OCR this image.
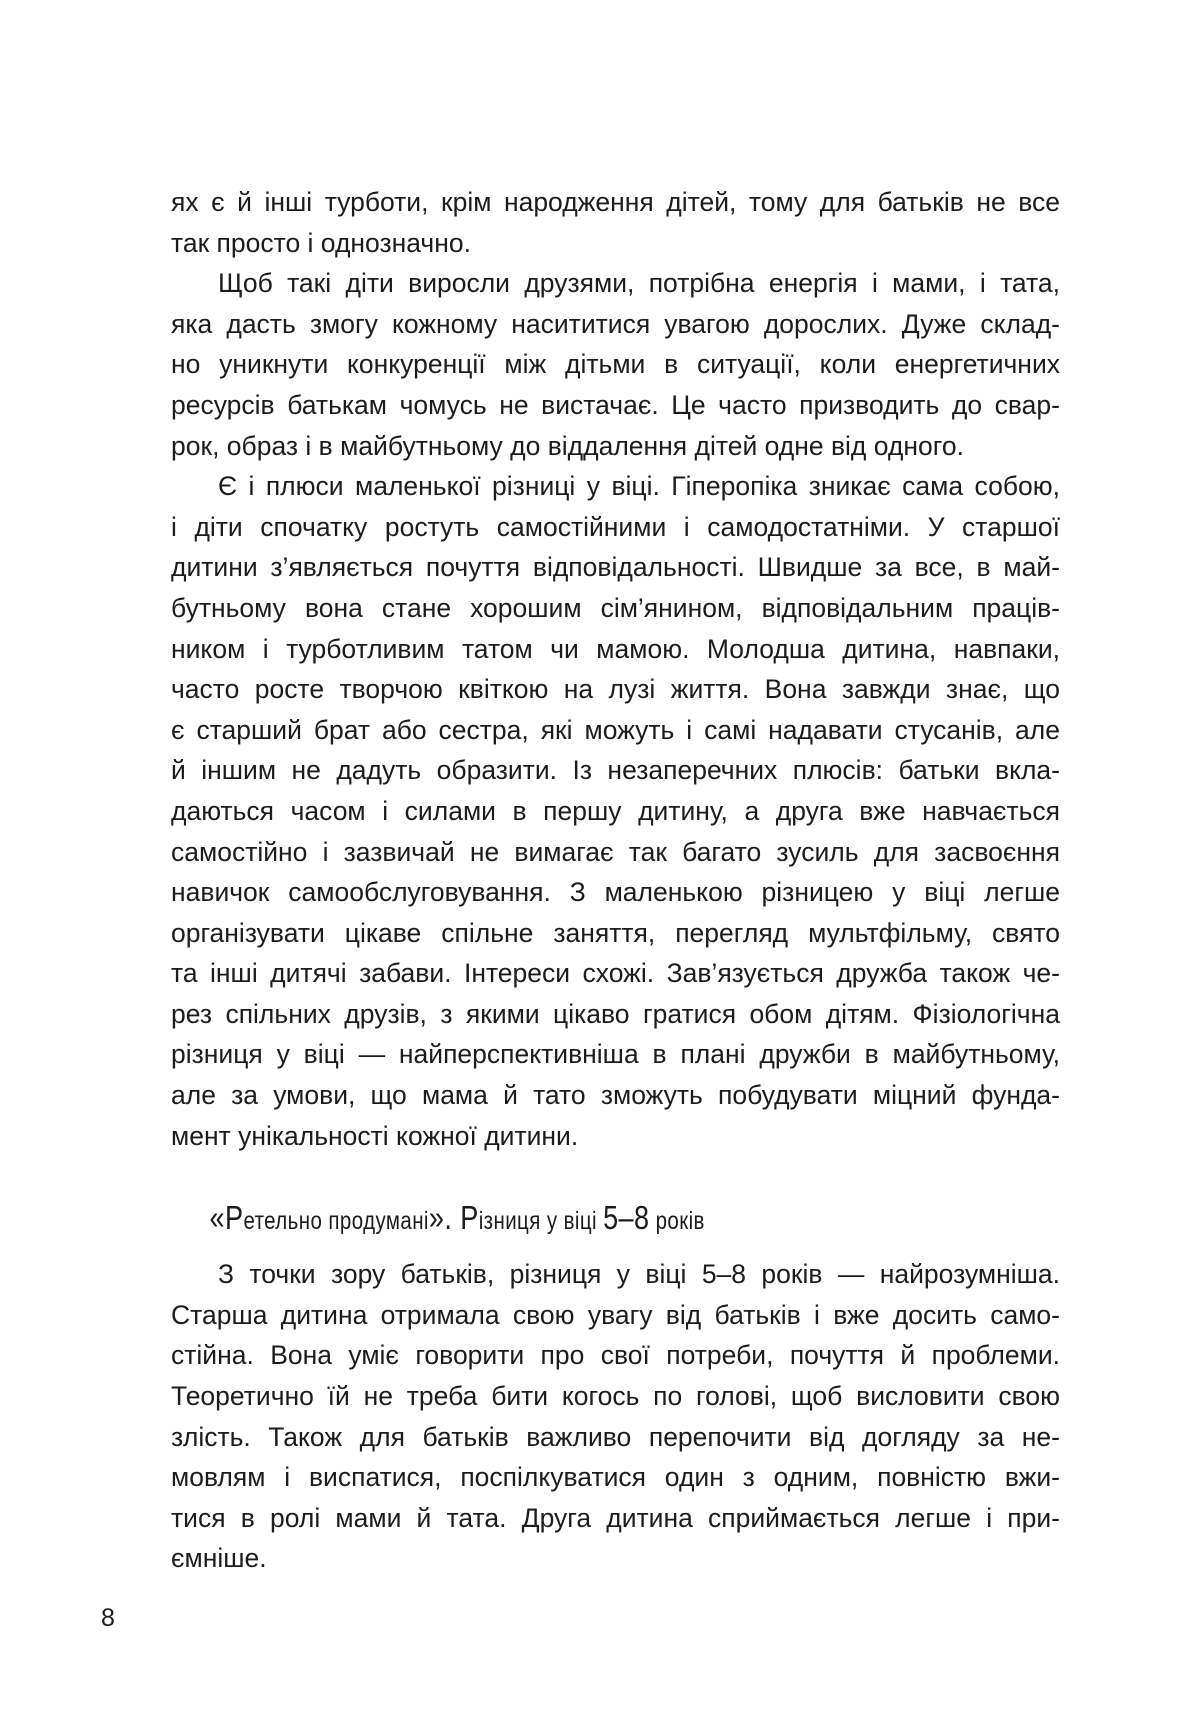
ях є й інші турботи, крім народження дітей, тому для батьків не все
так просто і однозначно.
Щоб такі діти виросли друзями, потрібна енергія і мами, і тата,
яка дасть змогу кожному насититися увагою дорослих. Дуже склад-
но уникнути конкуренції між дітьми в ситуації, коли енергетичних
ресурсів батькам чомусь не вистачає. Це часто призводить до свар-
рок, образ і в майбутньому до віддалення дітей одне від одного.
Є і плюси маленької різниці у віці. Гіперопіка зникає сама собою,
і діти спочатку ростуть самостійними і самодостатніми. У старшої
дитини з’являється почуття відповідальності. Швидше за все, в май-
бутньому вона стане хорошим сім’янином, відповідальним праців-
ником і турботливим татом чи мамою. Молодша дитина, навпаки,
часто росте творчою квіткою на лузі життя. Вона завжди знає, що
є старший брат або сестра, які можуть і самі надавати стусанів, але
й іншим не дадуть образити. Із незаперечних плюсів: батьки вкла-
даються часом і силами в першу дитину, а друга вже навчається
самостійно і зазвичай не вимагає так багато зусиль для засвоєння
навичок самообслуговування. З маленькою різницею у віці легше
організувати цікаве спільне заняття, перегляд мультфільму, свято
та інші дитячі забави. Інтереси схожі. Зав’язується дружба також че-
рез спільних друзів, з якими цікаво гратися обом дітям. Фізіологічна
різниця у віці — найперспективніша в плані дружби в майбутньому,
але за умови, що мама й тато зможуть побудувати міцний фунда-
мент унікальності кожної дитини.
«Ретельно продумані». Різниця у віці 5–8 років
З точки зору батьків, різниця у віці 5–8 років — найрозумніша.
Старша дитина отримала свою увагу від батьків і вже досить само-
стійна. Вона уміє говорити про свої потреби, почуття й проблеми.
Теоретично їй не треба бити когось по голові, щоб висловити свою
злість. Також для батьків важливо перепочити від догляду за не-
мовлям і виспатися, поспілкуватися один з одним, повністю вжи-
тися в ролі мами й тата. Друга дитина сприймається легше і при-
ємніше.
8
